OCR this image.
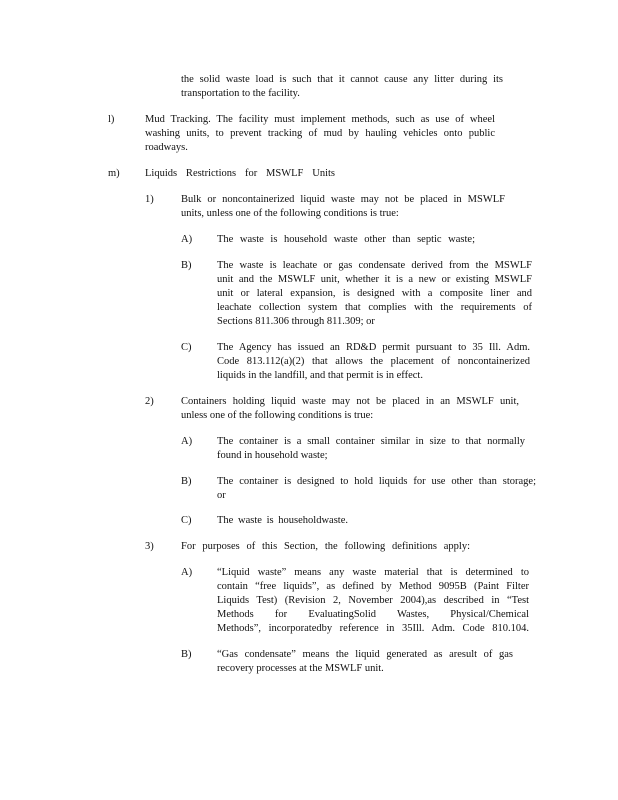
the solid waste load is such that it cannot cause any litter during its
transportation to the facility.
l)	Mud Tracking. The facility must implement methods, such as use of wheel
washing units, to prevent tracking of mud by hauling vehicles onto public
roadways.
m) Liquids Restrictions for MSWLF Units
1)	Bulk or noncontainerized liquid waste may not be placed in MSWLF
units, unless one of the following conditions is true:
A) The waste is household waste other than septic waste;
B) The waste is leachate or gas condensate derived from the MSWLF
unit and the MSWLF unit, whether it is a new or existing MSWLF
unit or lateral expansion, is designed with a composite liner and
leachate collection system that complies with the requirements of
Sections 811.306 through 811.309; or
C) The Agency has issued an RD&D permit pursuant to 35 Ill. Adm.
Code 813.112(a)(2) that allows the placement of noncontainerized
liquids in the landfill, and that permit is in effect.
2)	Containers holding liquid waste may not be placed in an MSWLF unit,
unless one of the following conditions is true:
A) The container is a small container similar in size to that normally
found in household waste;
B) The container is designed to hold liquids for use other than storage;
or
C) The waste is householdwaste.
3)	For purposes of this Section, the following definitions apply:
A) “Liquid waste” means any waste material that is determined to
contain “free liquids”, as defined by Method 9095B (Paint Filter
Liquids Test) (Revision 2, November 2004),as described in “Test
Methods for EvaluatingSolid Wastes, Physical/Chemical
Methods”, incorporatedby reference in 35Ill. Adm. Code 810.104.
B) “Gas condensate” means the liquid generated as aresult of gas
recovery processes at the MSWLF unit.
